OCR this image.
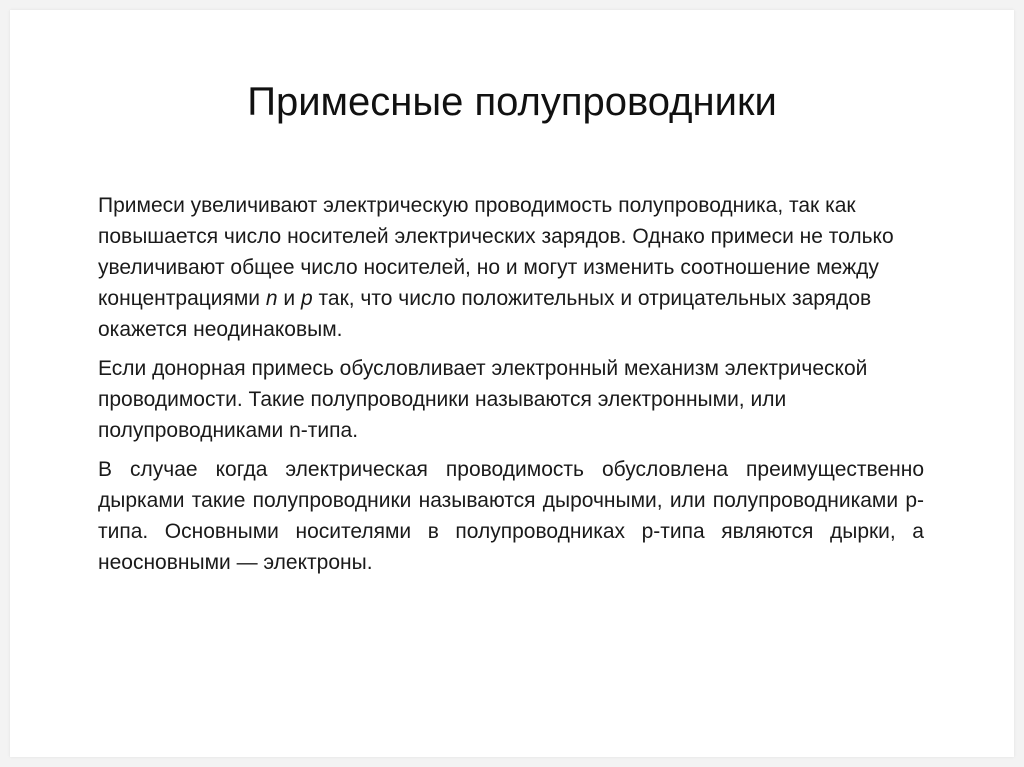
Примесные полупроводники

Примеси увеличивают электрическую проводимость полупроводника, так как повышается число носителей электрических зарядов. Однако примеси не только увеличивают общее число носителей, но и могут изменить соотношение между концентрациями n и p так, что число положительных и отрицательных зарядов окажется неодинаковым.

Если донорная примесь обусловливает электронный механизм электрической проводимости. Такие полупроводники называются электронными, или полупроводниками n-типа.

В случае когда электрическая проводимость обусловлена преимущественно дырками такие полупроводники называются дырочными, или полупроводниками p-типа. Основными носителями в полупроводниках p-типа являются дырки, а неосновными — электроны.
